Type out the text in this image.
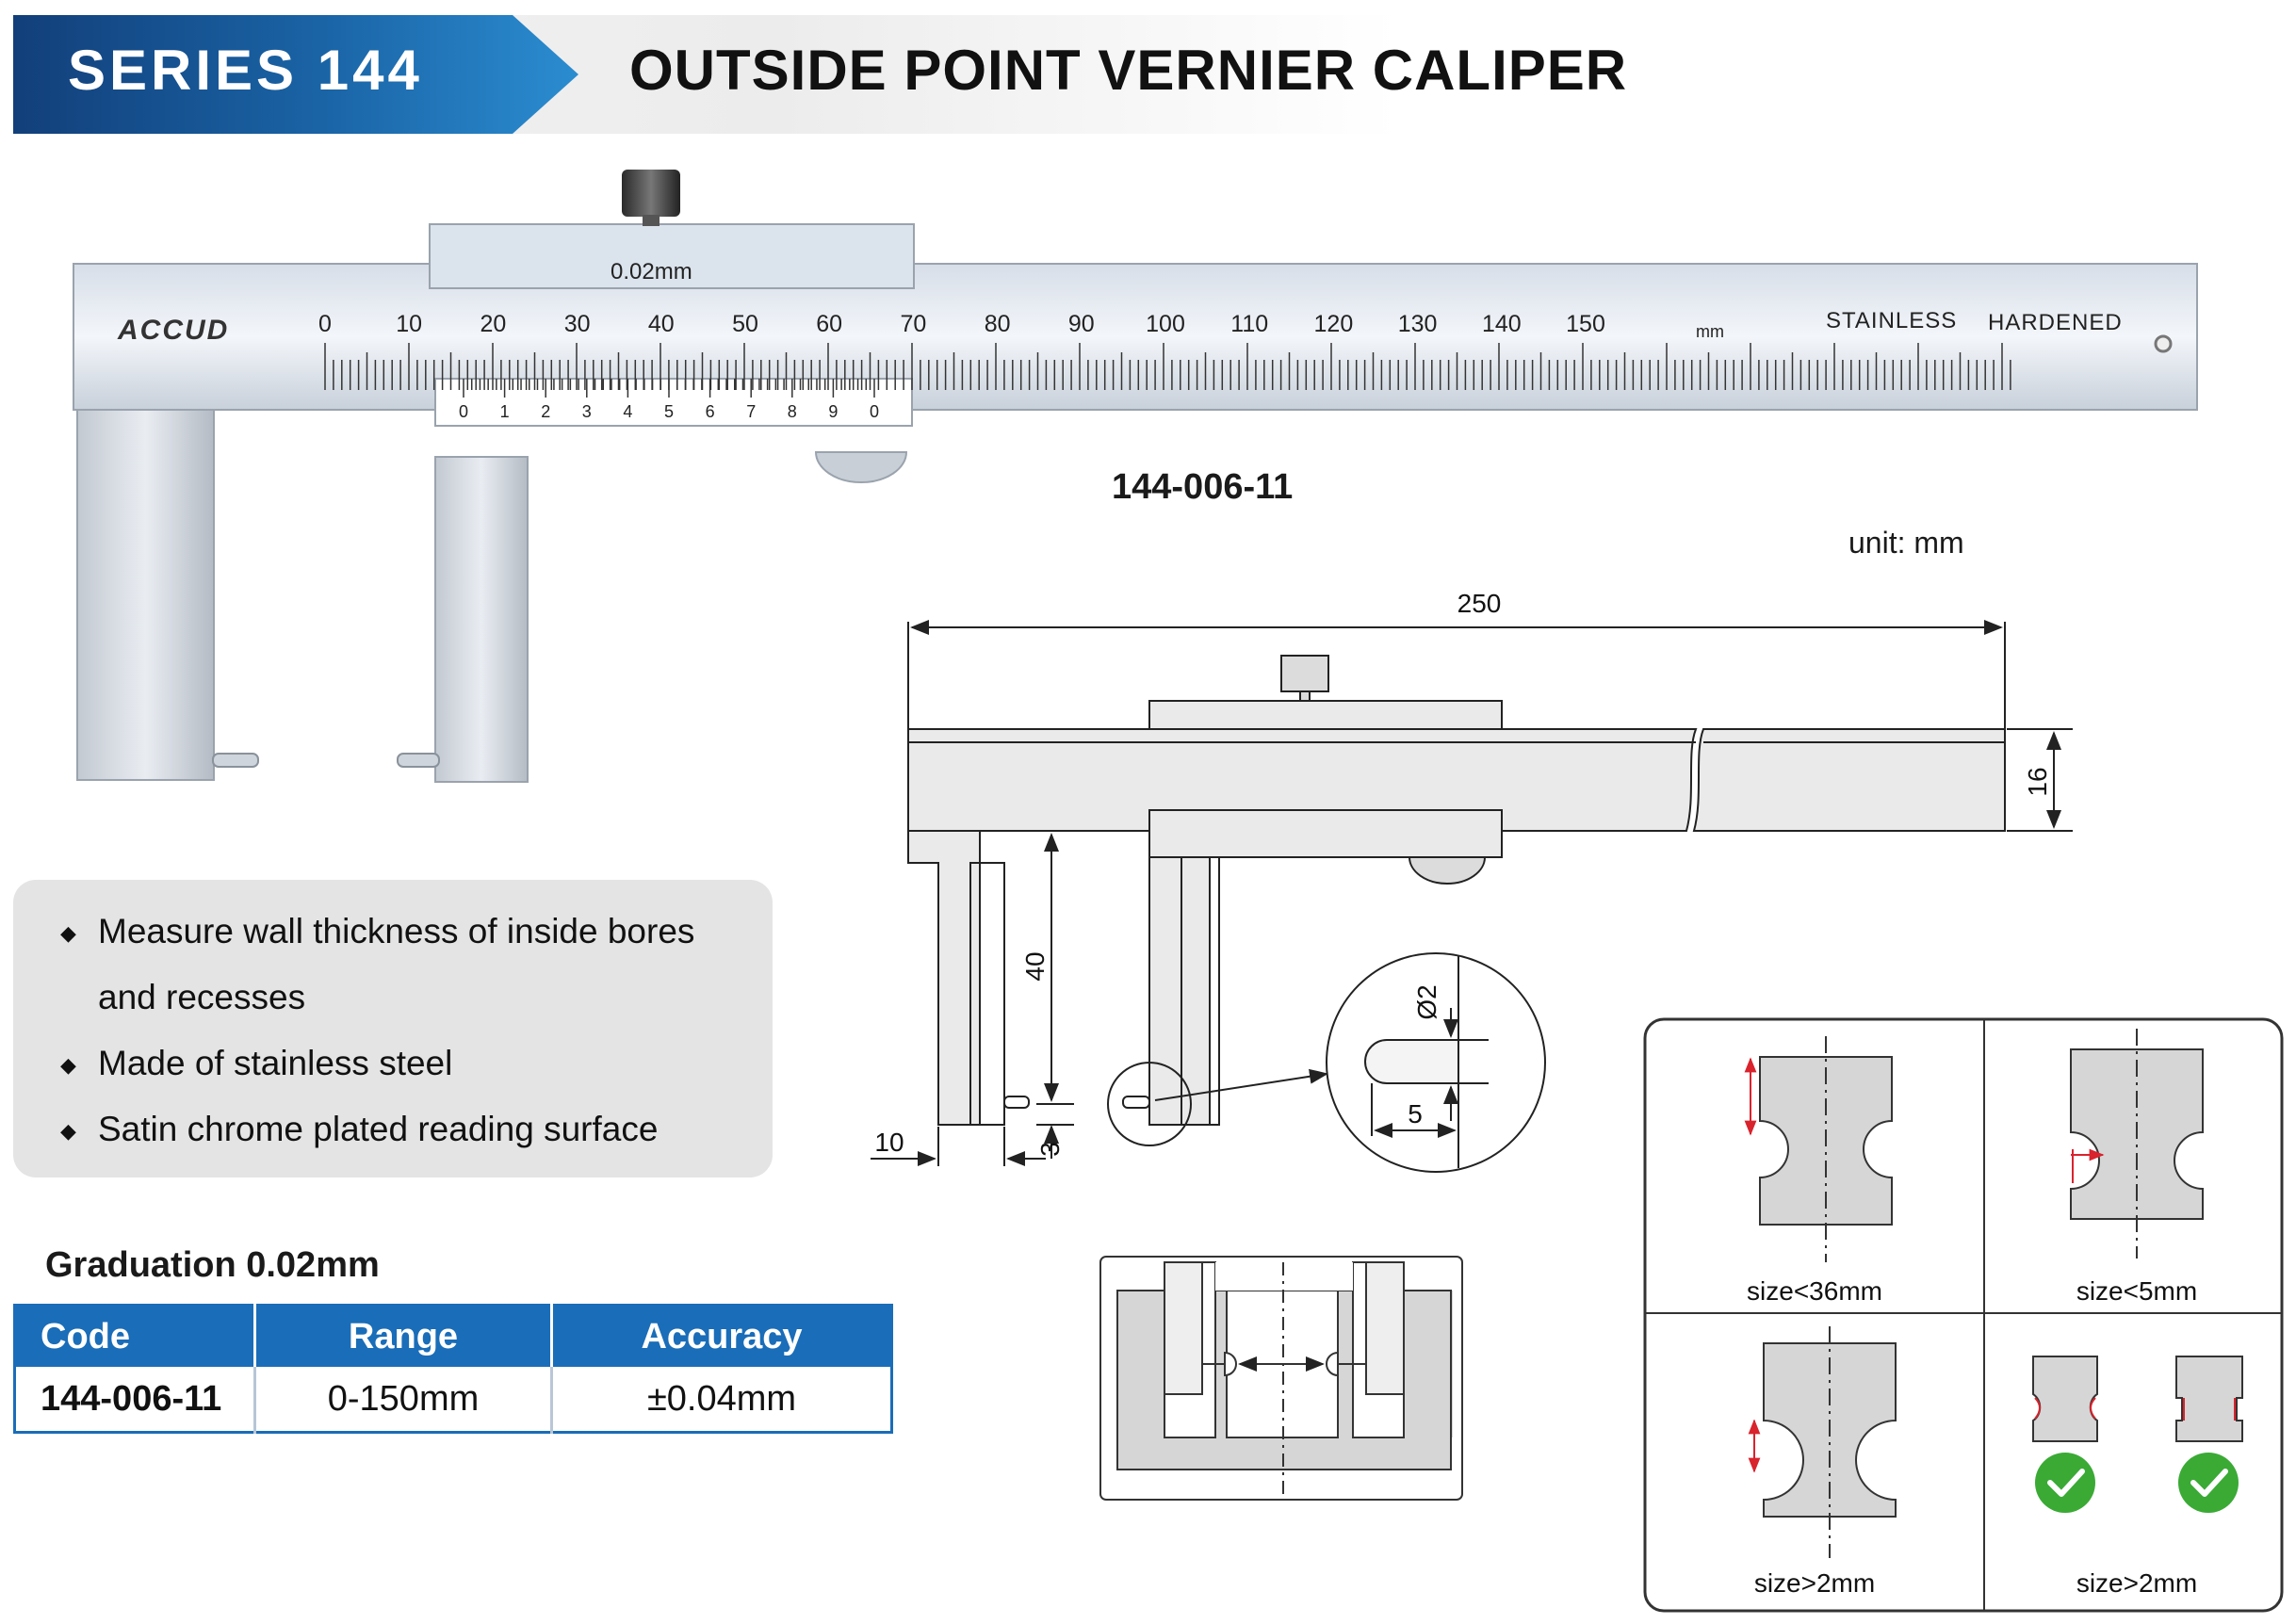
SERIES 144	OUTSIDE POINT VERNIER CALIPER
0	10 20 30 40 50 60 70 80 90 100 110 120 130 140 150
0 1 2 3 4 5 6 7 8 9 0
ACCUD
0.02mm
mm	STAINLESS HARDENED
250
16
40
10	3
Ø2
5
size<36mm	size<5mm
size>2mm	size>2mm
144-006-11
unit: mm
◆ Measure wall thickness of inside bores
and recesses
◆ Made of stainless steel
◆ Satin chrome plated reading surface
Graduation 0.02mm
Code	Range	Accuracy
144-006-11	0-150mm	±0.04mm
